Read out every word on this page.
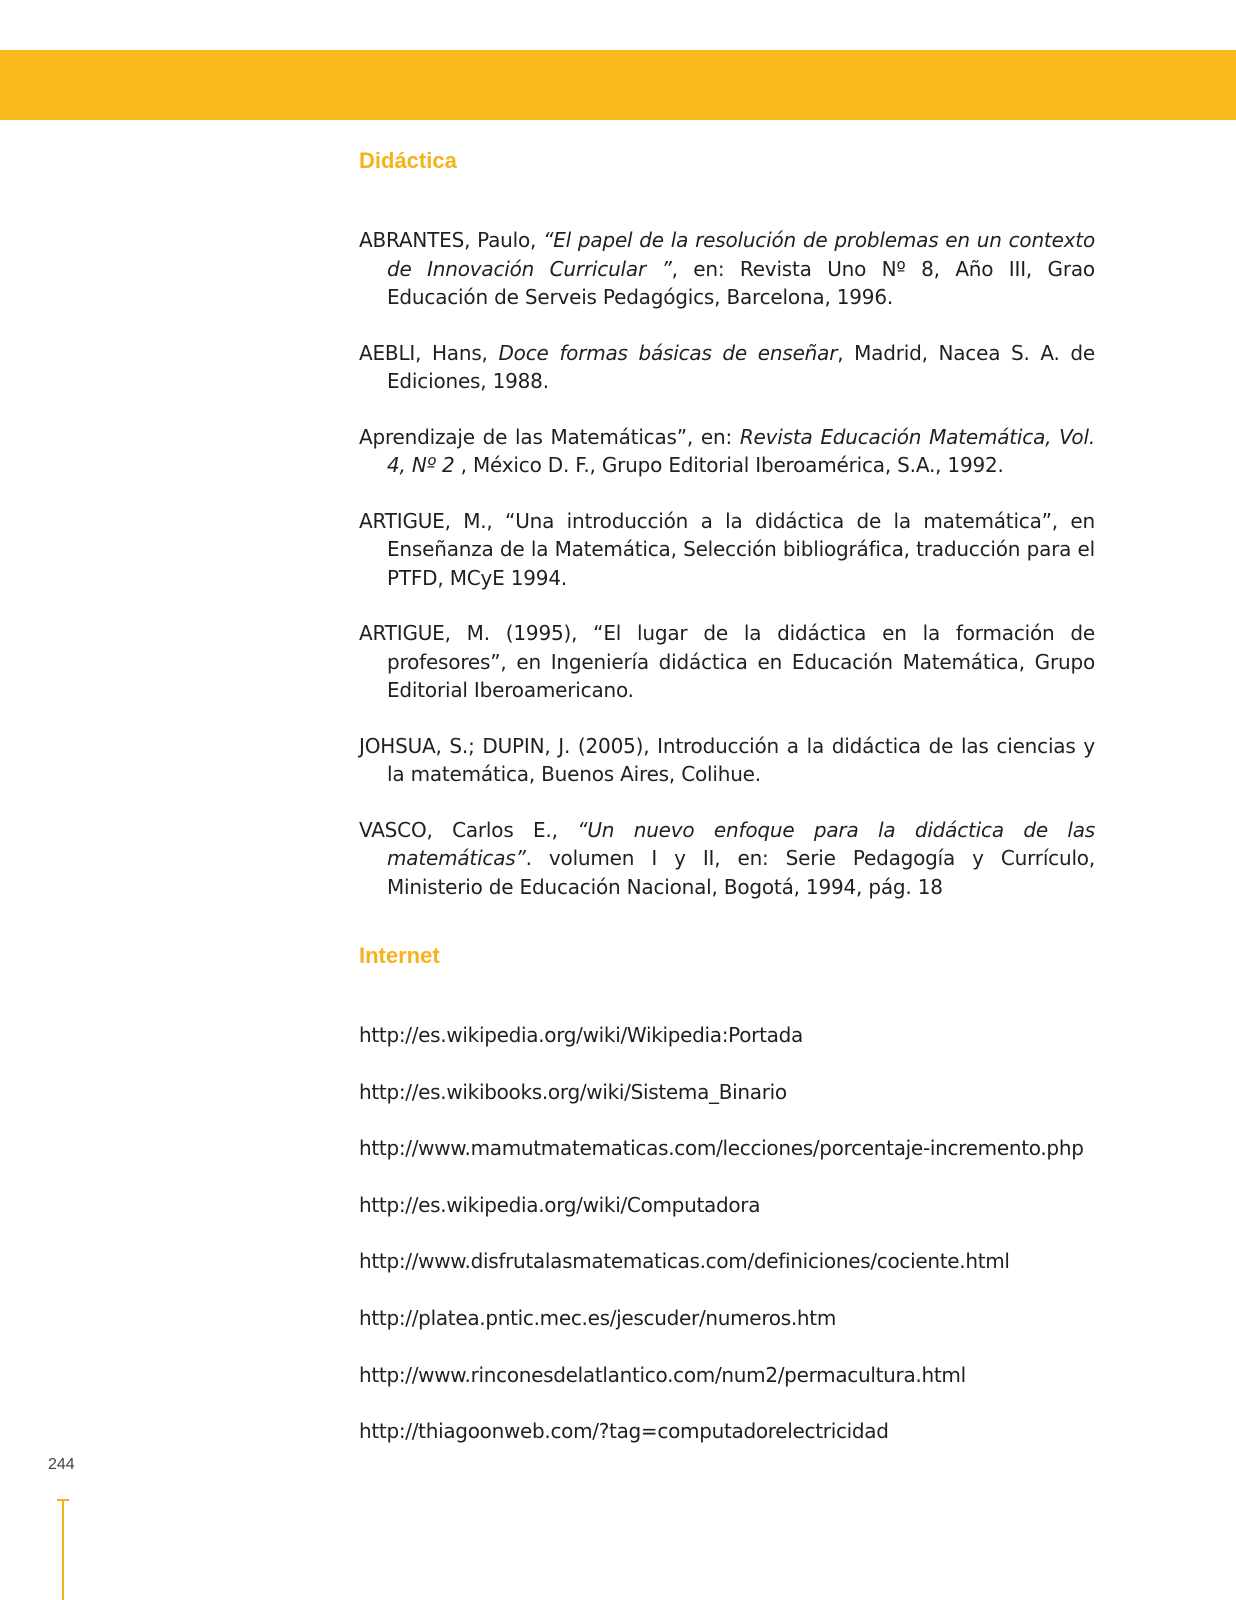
Didáctica
ABRANTES, Paulo, “El papel de la resolución de problemas en un contexto de Innovación Curricular ”, en: Revista Uno Nº 8, Año III, Grao Educación de Serveis Pedagógics, Barcelona, 1996.
AEBLI, Hans, Doce formas básicas de enseñar, Madrid, Nacea S. A. de Ediciones, 1988.
Aprendizaje de las Matemáticas”, en: Revista Educación Matemática, Vol. 4, Nº 2 , México D. F., Grupo Editorial Iberoamérica, S.A., 1992.
ARTIGUE, M., “Una introducción a la didáctica de la matemática”, en Enseñanza de la Matemática, Selección bibliográfica, traducción para el PTFD, MCyE 1994.
ARTIGUE, M. (1995), “El lugar de la didáctica en la formación de profesores”, en Ingeniería didáctica en Educación Matemática, Grupo Editorial Iberoamericano.
JOHSUA, S.; DUPIN, J. (2005), Introducción a la didáctica de las ciencias y la matemática, Buenos Aires, Colihue.
VASCO, Carlos E., “Un nuevo enfoque para la didáctica de las matemáticas”. volumen I y II, en: Serie Pedagogía y Currículo, Ministerio de Educación Nacional, Bogotá, 1994, pág. 18
Internet
http://es.wikipedia.org/wiki/Wikipedia:Portada
http://es.wikibooks.org/wiki/Sistema_Binario
http://www.mamutmatematicas.com/lecciones/porcentaje-incremento.php
http://es.wikipedia.org/wiki/Computadora
http://www.disfrutalasmatematicas.com/definiciones/cociente.html
http://platea.pntic.mec.es/jescuder/numeros.htm
http://www.rinconesdelatlantico.com/num2/permacultura.html
http://thiagoonweb.com/?tag=computadorelectricidad
244
